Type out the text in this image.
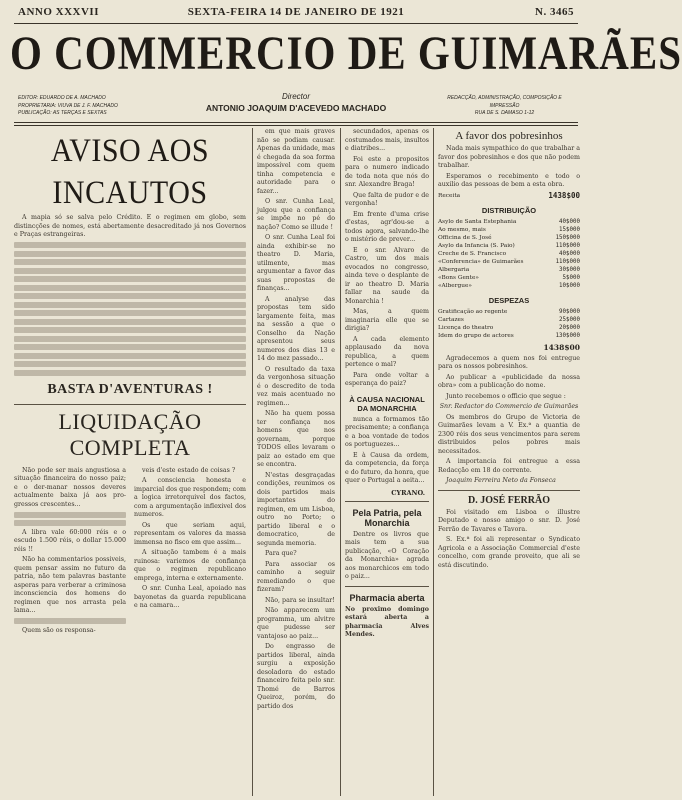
ANNO XXXVII	SEXTA-FEIRA 14 DE JANEIRO DE 1921	N. 3465
O COMMERCIO DE GUIMARÃES
Director
ANTONIO JOAQUIM D'ACEVEDO MACHADO
EDITOR: EDUARDO DE A. MACHADO
PROPRIETARIA: VIUVA DE J. F. MACHADO
PUBLICAÇÃO: AS TERÇAS E SEXTAS
REDACÇÃO, ADMINISTRAÇÃO, COMPOSIÇÃO E
IMPRESSÃO
RUA DE S. DAMASO 1-12
AVISO AOS INCAUTOS

A mapia só se salva pelo Crédito. E o regimen em globo, sem distincções de nomes, está abertamente desacreditado já nos Governos e Praças estrangeiras.

BASTA D'AVENTURAS !
LIQUIDAÇÃO COMPLETA

Não pode ser mais angustiosa a situação financeira do nosso paiz; e o der-manar nossos deveres actualmente baixa já aos pro-gressos crescentes...

A libra vale 60:000 réis e o escudo 1.500 réis, o dollar 15.000 réis !!

Não ha commentarios possiveis, quem pensar assim no futuro da patria, não tem palavras bastante asperas para verberar a criminosa inconsciencia dos homens do regimen que nos arrasta pela lama...

Quem são os responsa-

veis d'este estado de coisas ?

A consciencia honesta e imparcial dos que respondem; com a logica irretorquivel dos factos, com a argumentação inflexivel dos numeros.

Os que seriam aqui, representam os valores da massa immensa no fisco em que assim...

A situação tambem é a mais ruinosa: variemos de confiança que o regimen republicano emprega, interna e externamente.

O snr. Cunha Leal, apoiado nas bayonetas da guarda republicana e na camara...

em que mais graves não se podiam causar. Apenas da unidade, mas é chegada da soa forma impossível com quem tinha competencia e autoridade para o fazer...

O snr. Cunha Leal, julgou que a confiança se impõe no pé do nação? Como se illude !

O snr. Cunha Leal foi ainda exhibir-se no theatro D. Maria, utilmente, mas argumentar a favor das suas propostas de finanças...

A analyse das propostas tem sido largamente feita, mas na sessão a que o Conselho da Nação apresentou seus numeros dos dias 13 e 14 do mez passado...

O resultado da taxa da vergonhosa situação é o descredito de toda vez mais acentuado no regimen...

Não ha quem possa ter confiança nos homens que nos governam, porque TODOS elles levaram o paiz ao estado em que se encontra.

N'estas desgraçadas condições, reunimos os dois partidos mais importantes do regimen, em um Lisboa, outro no Porto; o partido liberal e o democratico, de segunda memoria.

Para que?

Para associar os caminho a seguir remediando o que fizeram?

Não, para se insultar!

Não apparecem um programma, um alvitre que pudesse ser vantajoso ao paiz...

Do engrasso de partidos liberal, ainda surgiu a exposição desoladora do estado financeiro feita pelo snr. Thomé de Barros Queiroz, porém, do partido dos

secundados, apenas os costumados mais, insultos e diatribes...

Foi este a propositos para o numero indicado de toda nota que nós do snr. Alexandre Braga!

Que falta de pudor e de vergonha!

Em frente d'uma crise d'estas, agr'dou-se a todos agora, salvando-lhe o mistério de prever...

E o snr. Alvaro de Castro, um dos mais evocados no congresso, ainda teve o desplante de ir ao theatro D. Maria fallar na saude da Monarchia !

Mas, a quem imaginaria elle que se dirigia?

A cada elemento applausado da nova republica, a quem pertence o mal?

Para onde voltar a esperança do paiz?

À CAUSA NACIONAL DA MONARCHIA

nunca a formamos tão precisamente; a confiança e a boa vontade de todos os portuguezes...

E à Causa da ordem, da competencia, da força e do futuro, da honra, que quer o Portugal a aeita...

CYRANO.
Pela Patria, pela Monarchia

Dentre os livros que mais tem a sua publicação, «O Coração da Monarchia» agrada aos monarchicos em todo o paiz...

Pharmacia aberta
No proximo domingo estará aberta a pharmacia Alves Mendes.
A favor dos pobresinhos

Nada mais sympathico do que trabalhar a favor dos pobresinhos e dos que não podem trabalhar.

Esperamos o recebimento e todo o auxilio das pessoas de bem a esta obra.

Receita	1438$00
DISTRIBUIÇÃO
Asylo de Santa Estephania	40$000
Ao mesmo, mais	15$000
Officina de S. José	150$000
Asylo da Infancia (S. Paio)	110$000
Creche de S. Francisco	40$000
«Conferencia» de Guimarães	110$000
Albergaria	30$000
«Bons Gente»	5$000
«Albergue»	10$000
DESPEZAS
Gratificação ao regente	90$000
Cartazes	25$000
Licença do theatro	20$000
Idem do grupo de actores	130$000
1438$00

Agradecemos a quem nos foi entregue para os nossos pobresinhos.

Ao publicar a «publicidade da nossa obra» com a publicação do nome.

Junto recebemos o officio que segue :

Snr. Redactor do Commercio de Guimarães

Os membros do Grupo de Victoria de Guimarães levam a V. Ex.ª a quantia de 2300 réis dos seus vencimentos para serem distribuidos pelos pobres mais necessitados.

A importancia foi entregue a essa Redacção em 18 do corrente.

Joaquim Ferreira Neto da Fonseca

D. JOSÉ FERRÃO

Foi visitado em Lisboa o illustre Deputado e nosso amigo o snr. D. José Ferrão de Tavares e Tavora.

S. Ex.ª foi ali representar o Syndicato Agricola e a Associação Commercial d'este concelho, com grande proveito, que ali se está discutindo.
